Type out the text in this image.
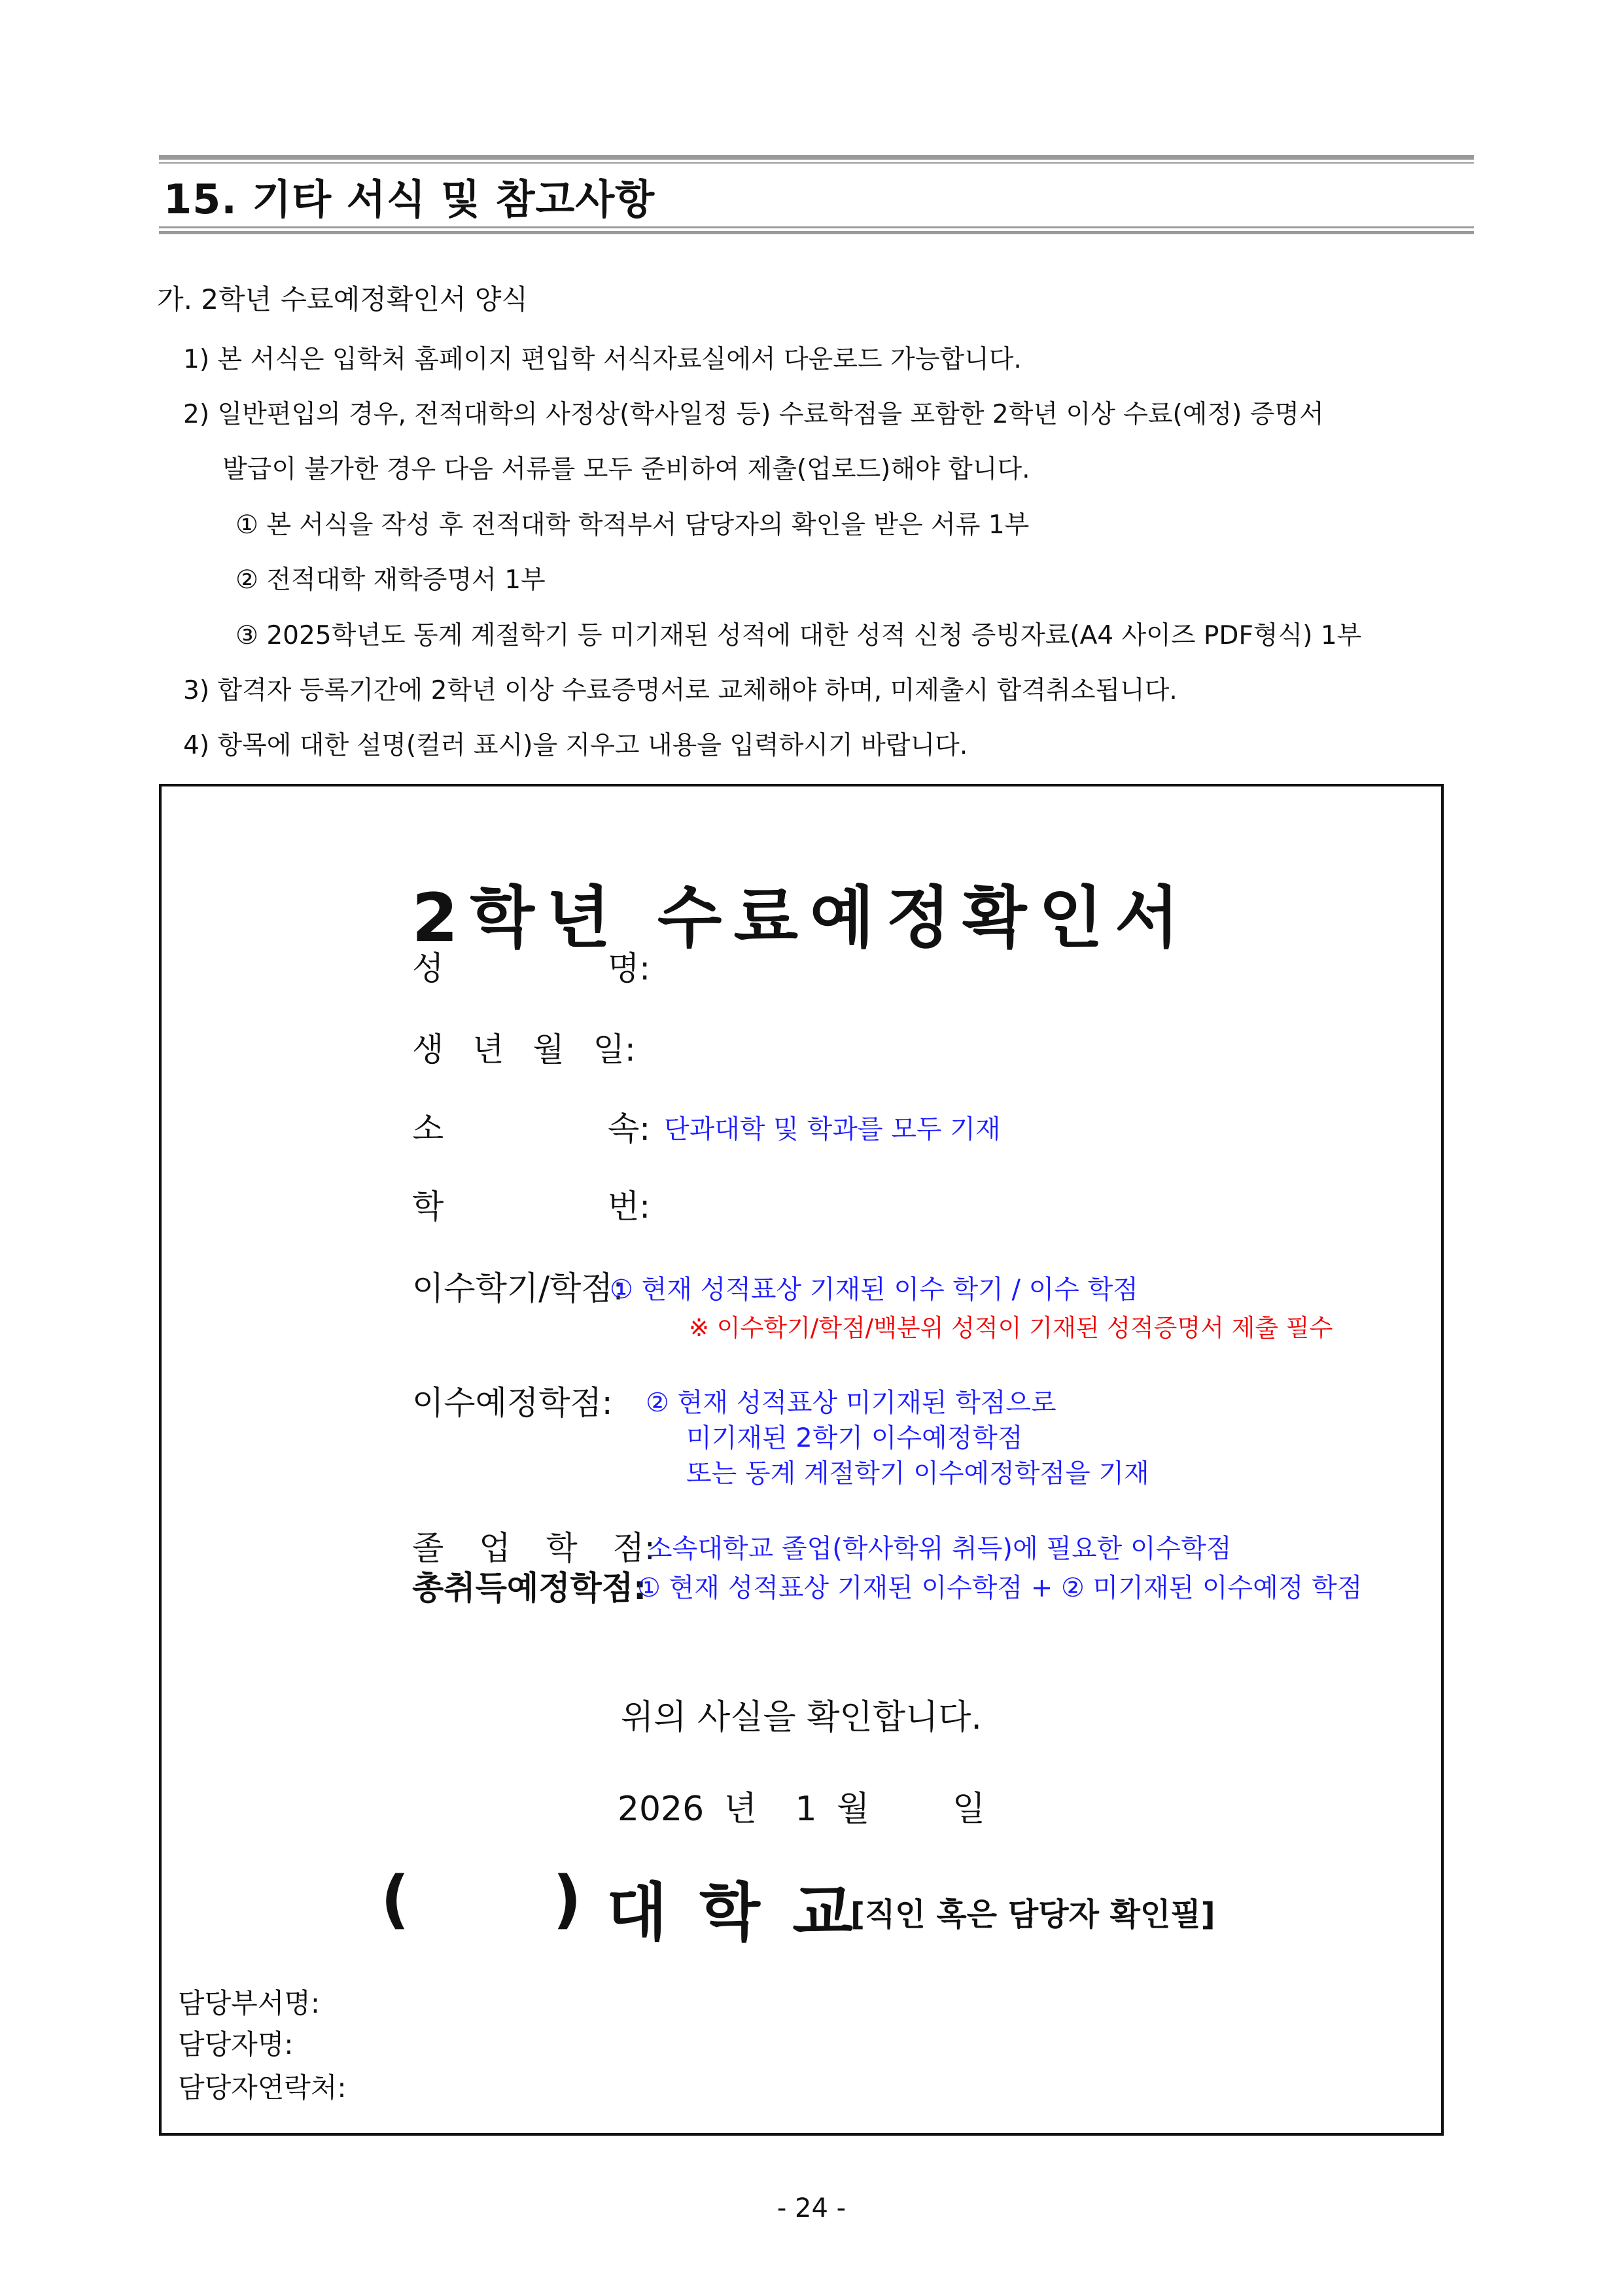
15. 기타 서식 및 참고사항
가. 2학년 수료예정확인서 양식
1) 본 서식은 입학처 홈페이지 편입학 서식자료실에서 다운로드 가능합니다.
2) 일반편입의 경우, 전적대학의 사정상(학사일정 등) 수료학점을 포함한 2학년 이상 수료(예정) 증명서
발급이 불가한 경우 다음 서류를 모두 준비하여 제출(업로드)해야 합니다.
① 본 서식을 작성 후 전적대학 학적부서 담당자의 확인을 받은 서류 1부
② 전적대학 재학증명서 1부
③ 2025학년도 동계 계절학기 등 미기재된 성적에 대한 성적 신청 증빙자료(A4 사이즈 PDF형식) 1부
3) 합격자 등록기간에 2학년 이상 수료증명서로 교체해야 하며, 미제출시 합격취소됩니다.
4) 항목에 대한 설명(컬러 표시)을 지우고 내용을 입력하시기 바랍니다.
2학년 수료예정확인서
성	명:
생 년 월 일:
소	속: 단과대학 및 학과를 모두 기재
학	번:
이수학기/학점:
① 현재 성적표상 기재된 이수 학기 / 이수 학점
※ 이수학기/학점/백분위 성적이 기재된 성적증명서 제출 필수
이수예정학점: ② 현재 성적표상 미기재된 학점으로
미기재된 2학기 이수예정학점
또는 동계 계절학기 이수예정학점을 기재
졸 업 학 점:
소속대학교 졸업(학사학위 취득)에 필요한 이수학점
총취득예정학점:
① 현재 성적표상 기재된 이수학점 + ② 미기재된 이수예정 학점
위의 사실을 확인합니다.
2026 년 1 월 일
( ) 대 학 교
[직인 혹은 담당자 확인필]
담당부서명:
담당자명:
담당자연락처:
- 24 -
